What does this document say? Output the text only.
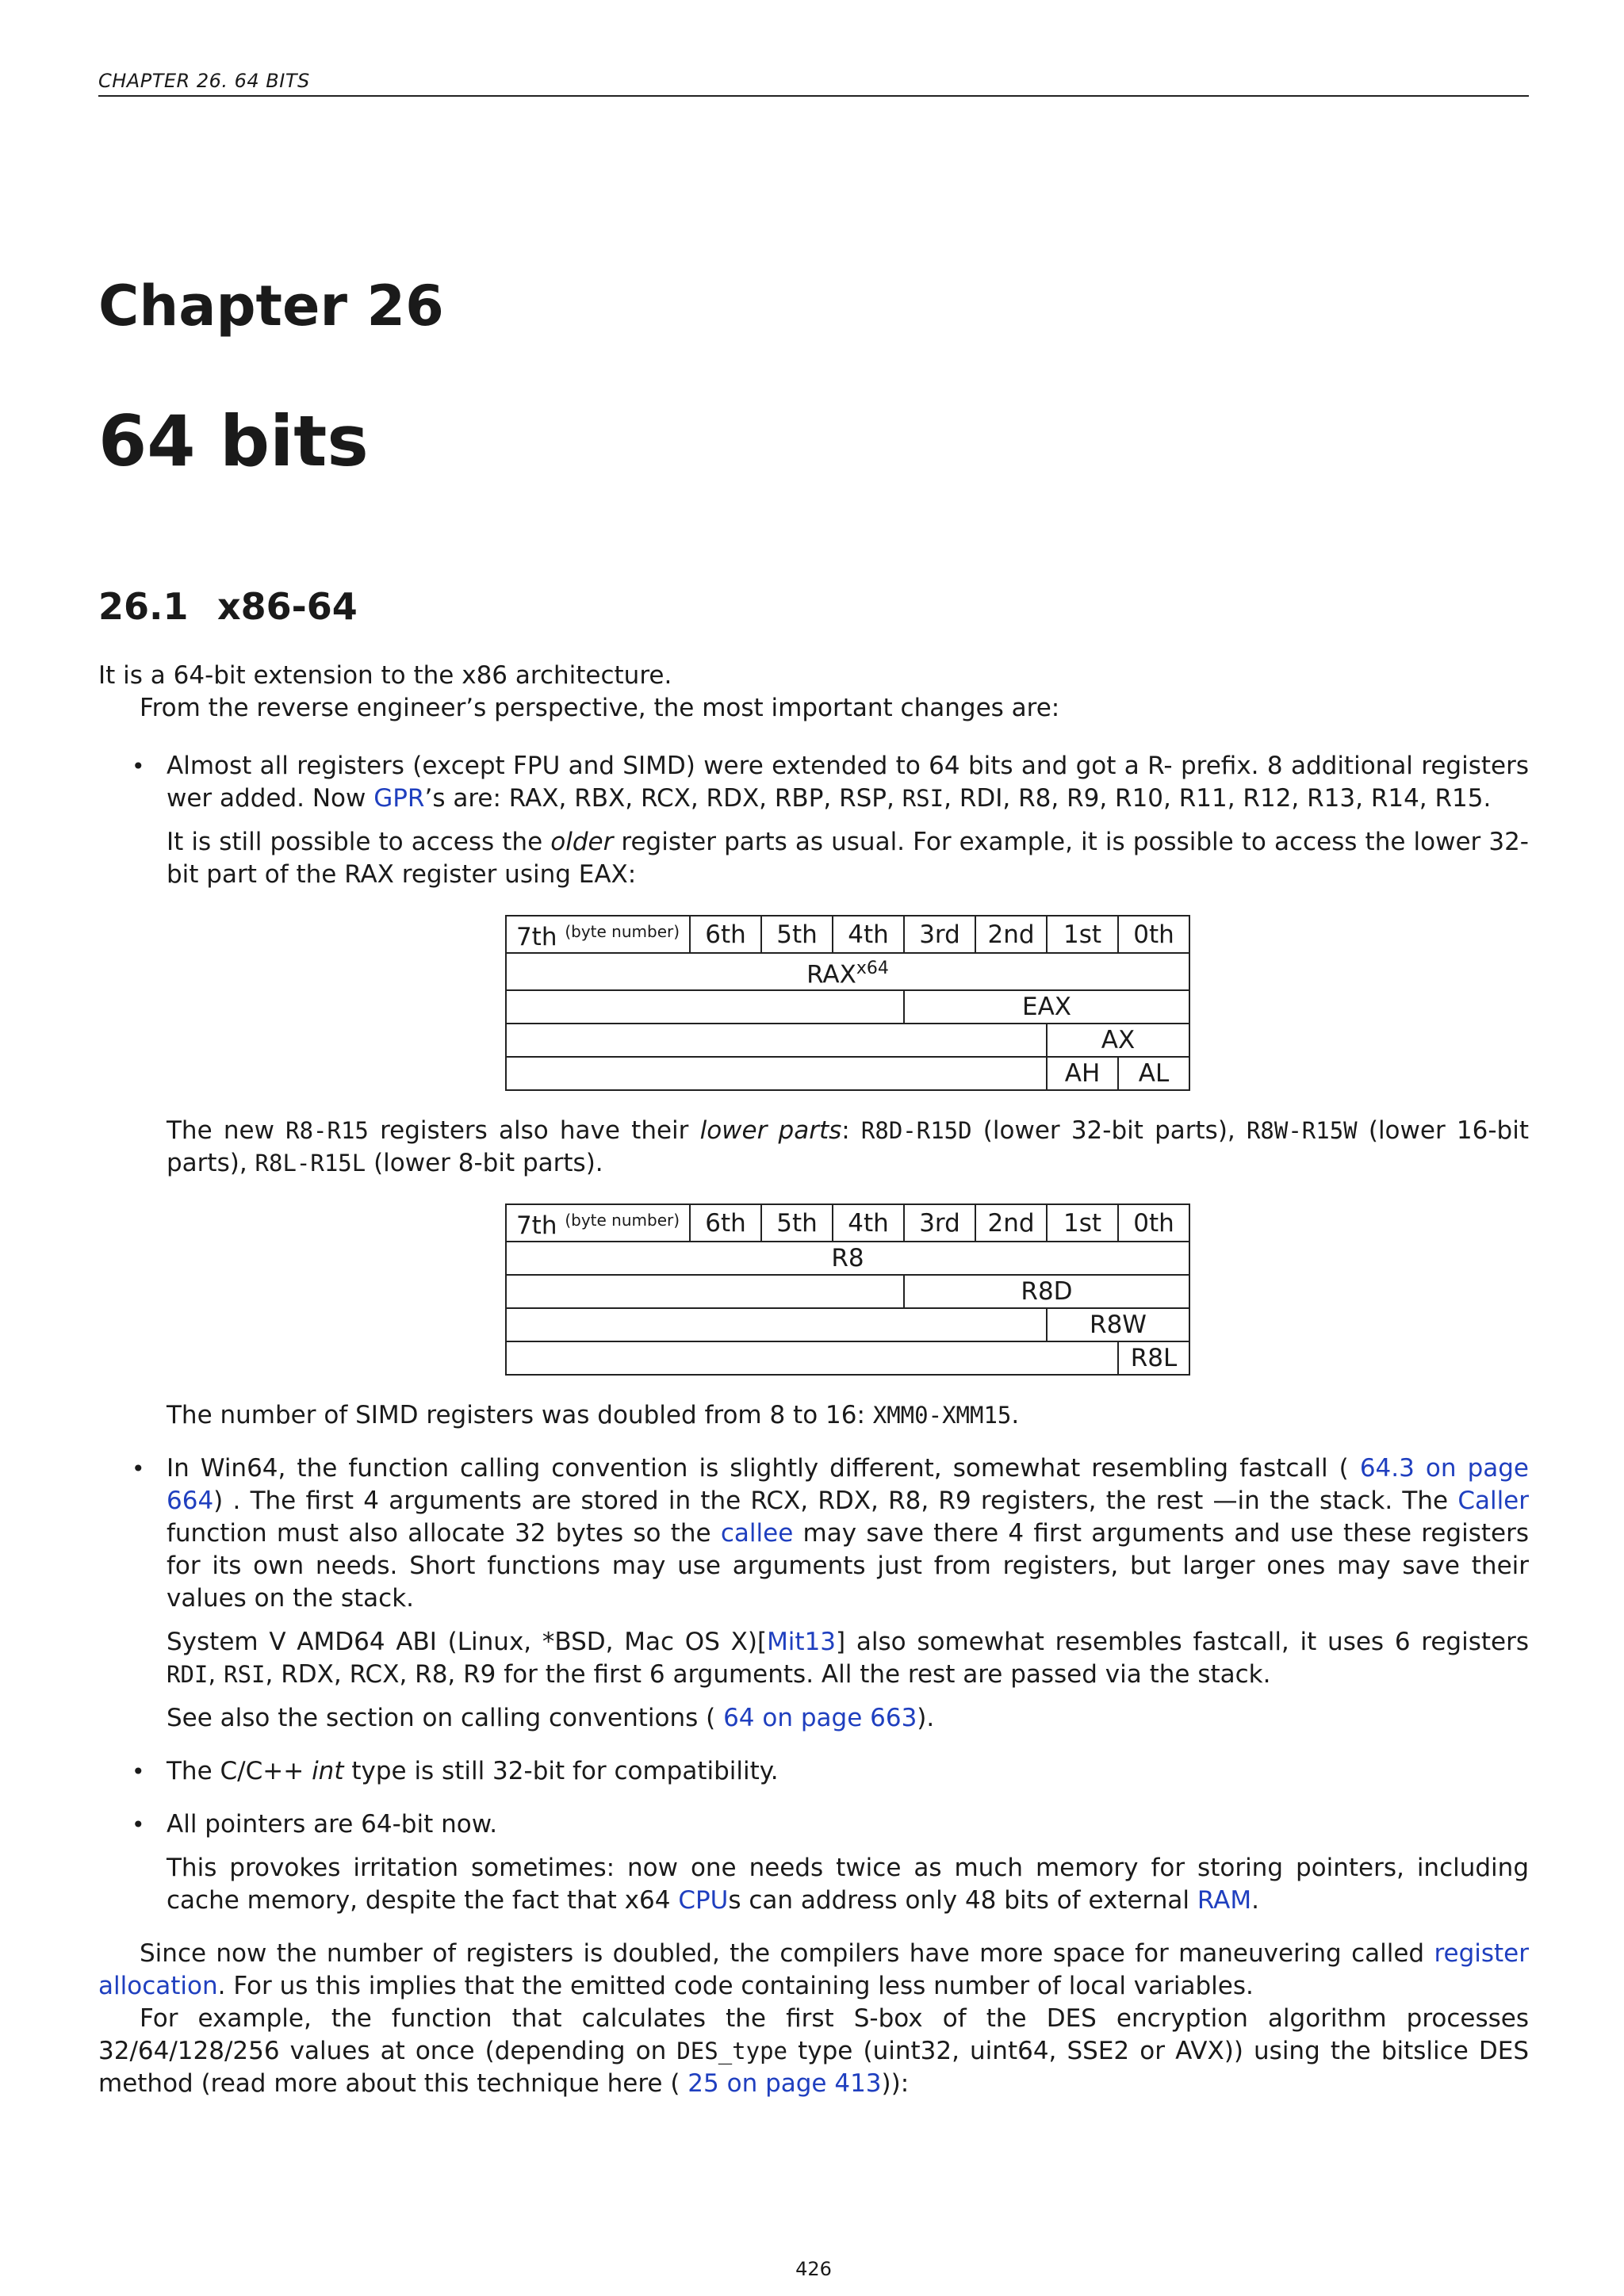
CHAPTER 26. 64 BITS
Chapter 26
64 bits
26.1 x86-64

It is a 64-bit extension to the x86 architecture.

From the reverse engineer’s perspective, the most important changes are:

• Almost all registers (except FPU and SIMD) were extended to 64 bits and got a R- prefix. 8 additional registers wer added. Now GPR’s are: RAX, RBX, RCX, RDX, RBP, RSP, RSI, RDI, R8, R9, R10, R11, R12, R13, R14, R15.

It is still possible to access the older register parts as usual. For example, it is possible to access the lower 32-bit part of the RAX register using EAX:

7th $^{(byte number)}$	6th	5th	4th	3rd	2nd	1st	0th
$RAX^{x64}$
				EAX			
						AX	
						AH	AL

The new R8-R15 registers also have their lower parts: R8D-R15D (lower 32-bit parts), R8W-R15W (lower 16-bit parts), R8L-R15L (lower 8-bit parts).

7th $^{(byte number)}$	6th	5th	4th	3rd	2nd	1st	0th
R8							
				R8D			
						R8W	
							R8L

The number of SIMD registers was doubled from 8 to 16: XMM0-XMM15.

• In Win64, the function calling convention is slightly different, somewhat resembling fastcall ( 64.3 on page 664) . The first 4 arguments are stored in the RCX, RDX, R8, R9 registers, the rest —in the stack. The Caller function must also allocate 32 bytes so the callee may save there 4 first arguments and use these registers for its own needs. Short functions may use arguments just from registers, but larger ones may save their values on the stack.

System V AMD64 ABI (Linux, *BSD, Mac OS X)[Mit13] also somewhat resembles fastcall, it uses 6 registers RDI, RSI, RDX, RCX, R8, R9 for the first 6 arguments. All the rest are passed via the stack.

See also the section on calling conventions ( 64 on page 663).

• The C/C++ int type is still 32-bit for compatibility.

• All pointers are 64-bit now.

This provokes irritation sometimes: now one needs twice as much memory for storing pointers, including cache memory, despite the fact that x64 CPUs can address only 48 bits of external RAM.

Since now the number of registers is doubled, the compilers have more space for maneuvering called register allocation. For us this implies that the emitted code containing less number of local variables.

For example, the function that calculates the first S-box of the DES encryption algorithm processes 32/64/128/256 values at once (depending on DES_type type (uint32, uint64, SSE2 or AVX)) using the bitslice DES method (read more about this technique here ( 25 on page 413)):

426
